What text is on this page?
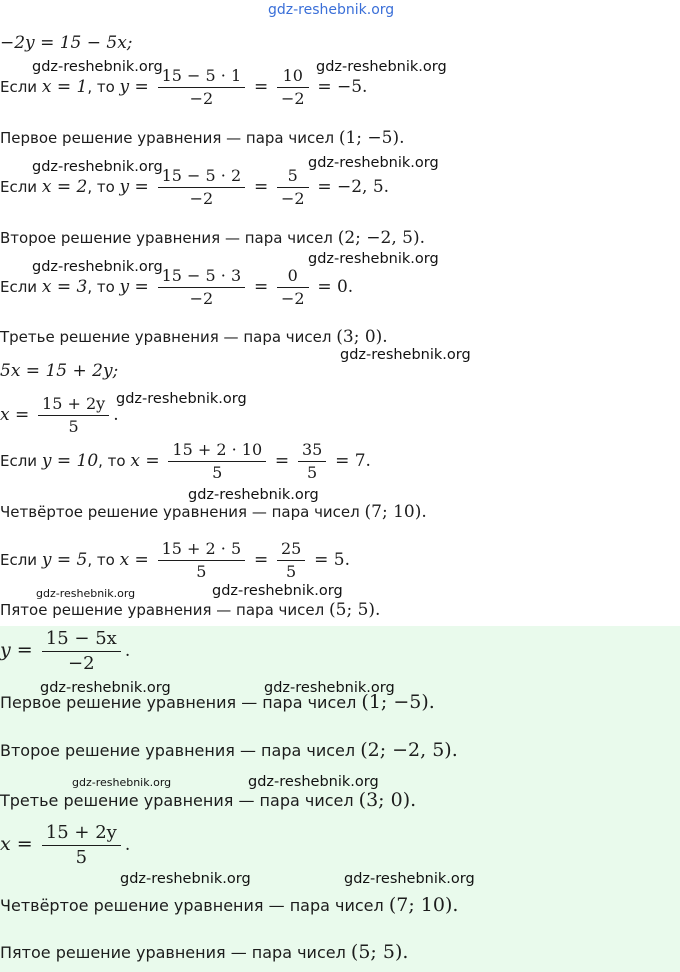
gdz-reshebnik.org
−2y = 15 − 5x;
Если x = 1, то $y = \frac{15 - 5 \cdot 1}{-2} = \frac{10}{-2} = -5$.
Первое решение уравнения — пара чисел (1; −5).
Если x = 2, то $y = \frac{15 - 5 \cdot 2}{-2} = \frac{5}{-2} = -2$, 5.
Второе решение уравнения — пара чисел (2; −2, 5).
Если x = 3, то $y = \frac{15 - 5 \cdot 3}{-2} = \frac{0}{-2} = 0$.
Третье решение уравнения — пара чисел (3; 0).
5x = 15 + 2y;
$x = \frac{15 + 2y}{5}$ .
Если y = 10, то $x = \frac{15 + 2 \cdot 10}{5} = \frac{35}{5} = 7$.
Четвёртое решение уравнения — пара чисел (7; 10).
Если y = 5, то $x = \frac{15 + 2 \cdot 5}{5} = \frac{25}{5} = 5$.
Пятое решение уравнения — пара чисел (5; 5).
$y = \frac{15 - 5x}{-2}$ .
Первое решение уравнения — пара чисел (1; −5).
Второе решение уравнения — пара чисел (2; −2, 5).
Третье решение уравнения — пара чисел (3; 0).
$x = \frac{15 + 2y}{5}$ .
Четвёртое решение уравнения — пара чисел (7; 10).
Пятое решение уравнения — пара чисел (5; 5).
gdz-reshebnik.org	gdz-reshebnik.org
gdz-reshebnik.org	gdz-reshebnik.org
gdz-reshebnik.org	gdz-reshebnik.org
gdz-reshebnik.org
gdz-reshebnik.org
gdz-reshebnik.org
gdz-reshebnik.org	gdz-reshebnik.org
gdz-reshebnik.org	gdz-reshebnik.org
gdz-reshebnik.org	gdz-reshebnik.org
gdz-reshebnik.org	gdz-reshebnik.org
